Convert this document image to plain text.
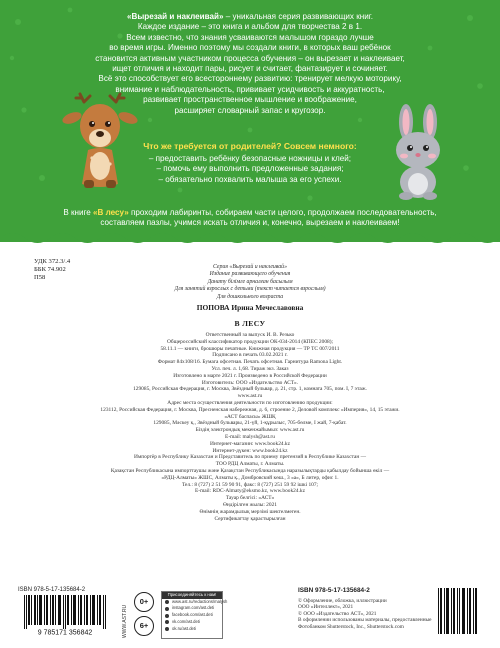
«Вырезай и наклеивай» – уникальная серия развивающих книг.
Каждое издание – это книга и альбом для творчества 2 в 1.
Всем известно, что знания усваиваются малышом гораздо лучше
во время игры. Именно поэтому мы создали книги, в которых ваш ребёнок
становится активным участником процесса обучения – он вырезает и наклеивает,
ищет отличия и находит пары, рисует и считает, фантазирует и сочиняет.
Всё это способствует его всестороннему развитию: тренирует мелкую моторику,
внимание и наблюдательность, прививает усидчивость и аккуратность,
развивает пространственное мышление и воображение,
расширяет словарный запас и кругозор.
Что же требуется от родителей? Совсем немного:
– предоставить ребёнку безопасные ножницы и клей;
– помочь ему выполнить предложенные задания;
– обязательно похвалить малыша за его успехи.
В книге «В лесу» проходим лабиринты, собираем части целого, продолжаем последовательность,
составляем пазлы, учимся искать отличия и, конечно, вырезаем и наклеиваем!
УДК 372.3/.4
ББК 74.902
П58
Серия «Вырезай и наклеивай»
Издание развивающего обучения
Данату білімге арналған басылым
Для занятий взрослых с детьми (текст читается взрослым)
Для дошкольного возраста
ПОПОВА Ирина Мечеславовна
В ЛЕСУ
Ответственный за выпуск И. В. Резько
Общероссийский классификатор продукции ОК-034-2014 (КПЕС 2008);
58.11.1 — книги, брошюры печатные. Книжная продукция — ТР ТС 007/2011
Подписано в печать 03.02.2021 г.
Формат 84х108/16. Бумага офсетная. Печать офсетная. Гарнитура Ramona Light.
Усл. печ. л. 1,68. Тираж экз. Заказ
Изготовлено в марте 2021 г. Произведено в Российской Федерации
Изготовитель: ООО «Издательство АСТ».
129085, Российская Федерация, г. Москва, Звёздный бульвар, д. 21, стр. 1, комната 705, пом. I, 7 этаж.
www.ast.ru
Адрес места осуществления деятельности по изготовлению продукции:
123112, Российская Федерация, г. Москва, Пресненская набережная, д. 6, строение 2, Деловой комплекс «Империя», 14, 15 этажи.
«АСТ баспасы» ЖШҚ
129085, Мәскеу қ., Звёздный бульвары, 21-үй, 1-құрылыс, 705-бөлме, I жай, 7-қабат.
Біздің электрондық мекенжайымыз: www.ast.ru
E-mail: malysh@ast.ru
Интернет-магазин: www.book24.kz
Интернет-дүкен: www.book24.kz
Импортёр в Республику Казахстан и Представитель по приему претензий в Республике Казахстан —
ТОО РДЦ Алматы, г. Алматы.
Қазақстан Республикасына импорттаушы және Қазақстан Республикасында наразылықтарды қабылдау бойынша өкіл —
«РДЦ-Алматы» ЖШС, Алматы қ., Домбровский көш., 3 «а», Б литер, офис 1.
Тел.: 8 (727) 2 51 59 90 91, факс: 8 (727) 251 59 92 ішкі 107;
E-mail: RDC-Almaty@eksmo.kz, www.book24.kz
Тауар белгісі: «АСТ»
Өндірілген жылы: 2021
Өнімнің жарамдылық мерзімі шектелмеген.
Сертификаттау қарастырылған
ISBN 978-5-17-135684-2
9 785171 356842	WWW.AST.RU
0+
6+
Присоединяйтесь к нам!
www.ast.ru/redactions/malysh
instagram.com/ast.deti
facebook.com/ast.deti
vk.com/ast.deti
ok.ru/ast.deti
ISBN 978-5-17-135684-2
© Оформление, обложка, иллюстрации
ООО «Интеллект», 2021
© ООО «Издательство АСТ», 2021
В оформлении использованы материалы, предоставленные
Фотобанком Shutterstock, Inc., Shutterstock.com
